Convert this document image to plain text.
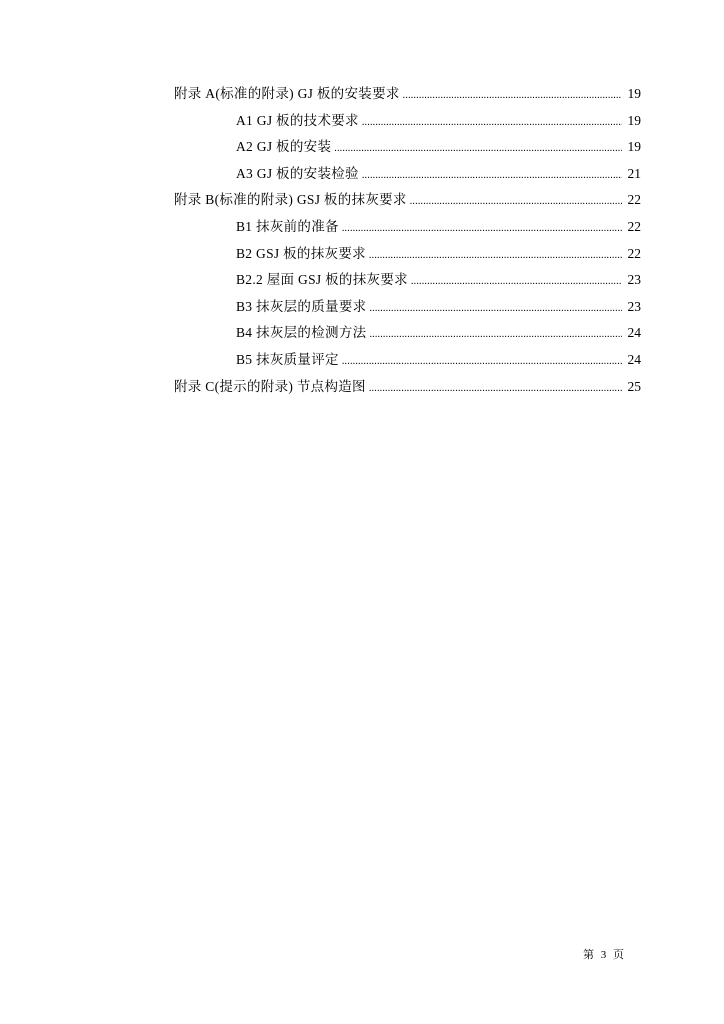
附录 A(标准的附录) GJ 板的安装要求 .....	19
A1 GJ 板的技术要求 .....	19
A2 GJ 板的安装 .....	19
A3 GJ 板的安装检验 .....	21
附录 B(标准的附录) GSJ 板的抹灰要求 .....	22
B1 抹灰前的准备 .....	22
B2 GSJ 板的抹灰要求 .....	22
B2.2 屋面 GSJ 板的抹灰要求 .....	23
B3 抹灰层的质量要求 .....	23
B4 抹灰层的检测方法 .....	24
B5 抹灰质量评定 .....	24
附录 C(提示的附录) 节点构造图 .....	25
第 3 页
